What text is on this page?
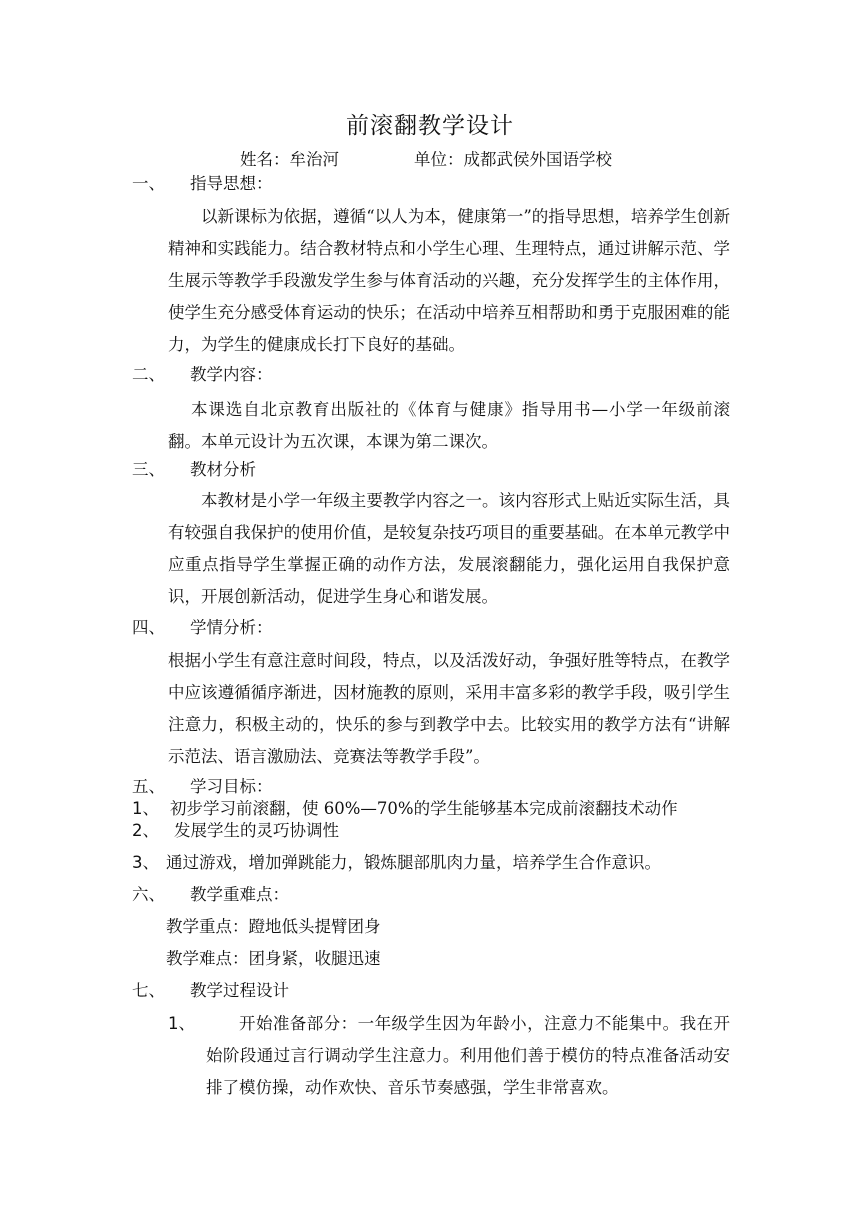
前滚翻教学设计
姓名：牟治河	单位：成都武侯外国语学校
一、 指导思想：
以新课标为依据，遵循“以人为本，健康第一”的指导思想，培养学生创新精神和实践能力。结合教材特点和小学生心理、生理特点，通过讲解示范、学生展示等教学手段激发学生参与体育活动的兴趣，充分发挥学生的主体作用，使学生充分感受体育运动的快乐；在活动中培养互相帮助和勇于克服困难的能力，为学生的健康成长打下良好的基础。
二、 教学内容：
本课选自北京教育出版社的《体育与健康》指导用书—小学一年级前滚翻。本单元设计为五次课，本课为第二课次。
三、 教材分析
本教材是小学一年级主要教学内容之一。该内容形式上贴近实际生活，具有较强自我保护的使用价值，是较复杂技巧项目的重要基础。在本单元教学中应重点指导学生掌握正确的动作方法，发展滚翻能力，强化运用自我保护意识，开展创新活动，促进学生身心和谐发展。
四、 学情分析：
根据小学生有意注意时间段，特点，以及活泼好动，争强好胜等特点，在教学中应该遵循循序渐进，因材施教的原则，采用丰富多彩的教学手段，吸引学生注意力，积极主动的，快乐的参与到教学中去。比较实用的教学方法有“讲解示范法、语言激励法、竞赛法等教学手段”。
五、 学习目标：
1、 初步学习前滚翻，使 60%—70%的学生能够基本完成前滚翻技术动作
2、 发展学生的灵巧协调性
3、 通过游戏，增加弹跳能力，锻炼腿部肌肉力量，培养学生合作意识。
六、 教学重难点：
教学重点：蹬地低头提臂团身
教学难点：团身紧，收腿迅速
七、 教学过程设计
1、	开始准备部分：一年级学生因为年龄小，注意力不能集中。我在开始阶段通过言行调动学生注意力。利用他们善于模仿的特点准备活动安排了模仿操，动作欢快、音乐节奏感强，学生非常喜欢。
